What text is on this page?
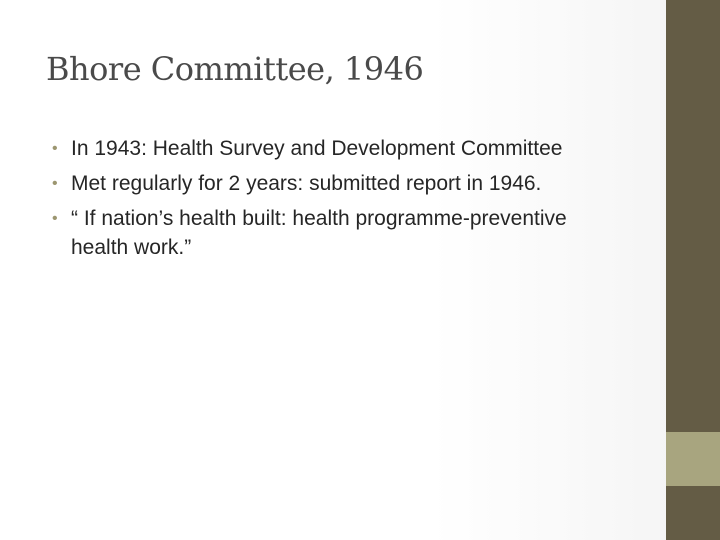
Bhore Committee, 1946
• In 1943: Health Survey and Development Committee
• Met regularly for 2 years: submitted report in 1946.
• “ If nation’s health built: health programme-preventive health work.”
